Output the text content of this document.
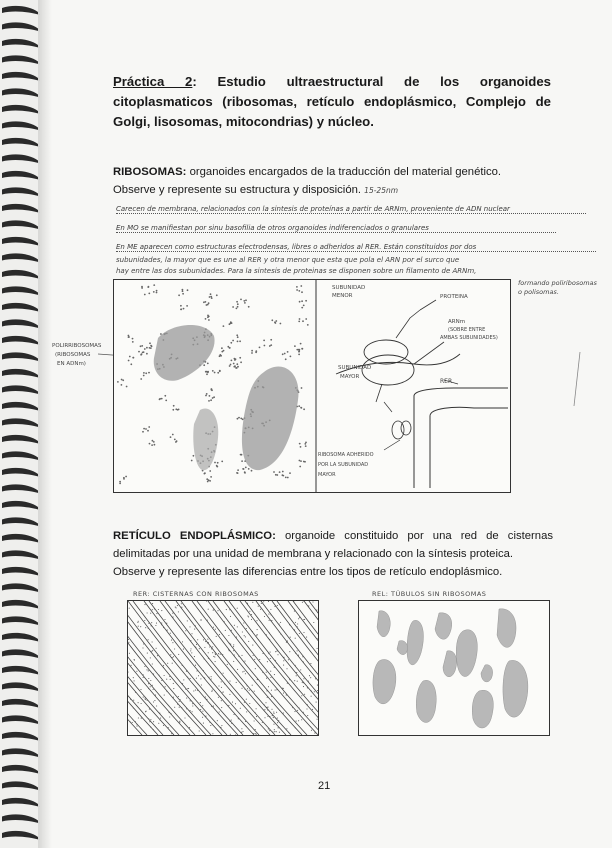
Práctica 2: Estudio ultraestructural de los organoides citoplasmaticos (ribosomas, retículo endoplásmico, Complejo de Golgi, lisosomas, mitocondrias) y núcleo.
RIBOSOMAS: organoides encargados de la traducción del material genético.
Observe y represente su estructura y disposición. 15-25nm
Carecen de membrana, relacionados con la sintesis de proteínas a partir de ARNm, proveniente de ADN nuclear
En MO se manifiestan por sinu basofilia de otros organoides indiferenciados o granulares
En ME aparecen como estructuras electrodensas, libres o adheridos al RER. Están constituidos por dos
subunidades, la mayor que es une al RER y otra menor que esta que pola el ARN por el surco que
hay entre las dos subunidades. Para la sintesis de proteinas se disponen sobre un filamento de ARNm,
formando poliribosomas
o polisomas.
POLIRRIBOSOMAS
(RIBOSOMAS
EN ADNm)
SUBUNIDAD
MENOR	PROTEINA
ARNm
(SOBRE ENTRE
AMBAS SUBUNIDADES)
SUBUNIDAD
MAYOR
RER
RIBOSOMA ADHERIDO
POR LA SUBUNIDAD
MAYOR
RETÍCULO ENDOPLÁSMICO: organoide constituido por una red de cisternas delimitadas por una unidad de membrana y relacionado con la síntesis proteica.
Observe y represente las diferencias entre los tipos de retículo endoplásmico.
RER: CISTERNAS CON RIBOSOMAS	REL: TÚBULOS SIN RIBOSOMAS
21
